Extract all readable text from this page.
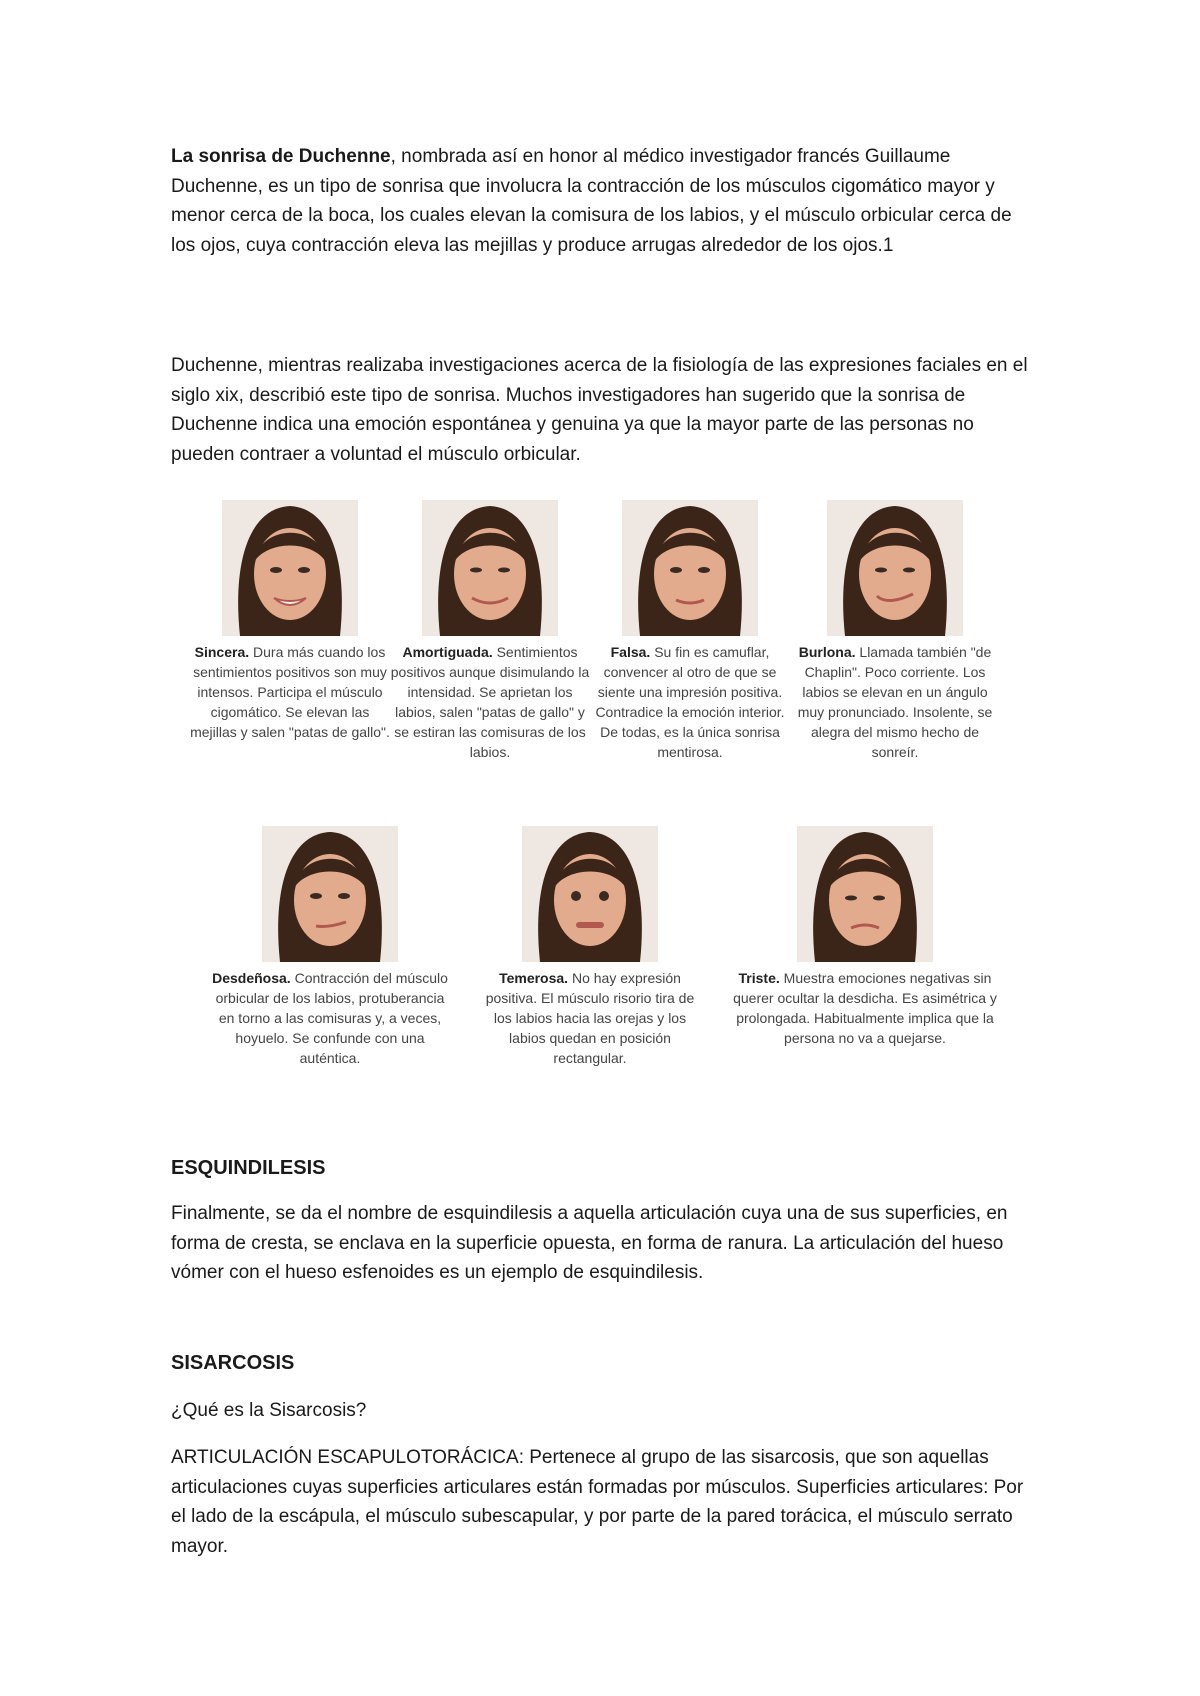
La sonrisa de Duchenne, nombrada así en honor al médico investigador francés Guillaume Duchenne, es un tipo de sonrisa que involucra la contracción de los músculos cigomático mayor y menor cerca de la boca, los cuales elevan la comisura de los labios, y el músculo orbicular cerca de los ojos, cuya contracción eleva las mejillas y produce arrugas alrededor de los ojos.1

Duchenne, mientras realizaba investigaciones acerca de la fisiología de las expresiones faciales en el siglo xix, describió este tipo de sonrisa. Muchos investigadores han sugerido que la sonrisa de Duchenne indica una emoción espontánea y genuina ya que la mayor parte de las personas no pueden contraer a voluntad el músculo orbicular.

Sincera. Dura más cuando los sentimientos positivos son muy intensos. Participa el músculo cigomático. Se elevan las mejillas y salen "patas de gallo".
Amortiguada. Sentimientos positivos aunque disimulando la intensidad. Se aprietan los labios, salen "patas de gallo" y se estiran las comisuras de los labios.
Falsa. Su fin es camuflar, convencer al otro de que se siente una impresión positiva. Contradice la emoción interior. De todas, es la única sonrisa mentirosa.
Burlona. Llamada también "de Chaplin". Poco corriente. Los labios se elevan en un ángulo muy pronunciado. Insolente, se alegra del mismo hecho de sonreír.
Desdeñosa. Contracción del músculo orbicular de los labios, protuberancia en torno a las comisuras y, a veces, hoyuelo. Se confunde con una auténtica.
Temerosa. No hay expresión positiva. El músculo risorio tira de los labios hacia las orejas y los labios quedan en posición rectangular.
Triste. Muestra emociones negativas sin querer ocultar la desdicha. Es asimétrica y prolongada. Habitualmente implica que la persona no va a quejarse.

ESQUINDILESIS

Finalmente, se da el nombre de esquindilesis a aquella articulación cuya una de sus superficies, en forma de cresta, se enclava en la superficie opuesta, en forma de ranura. La articulación del hueso vómer con el hueso esfenoides es un ejemplo de esquindilesis.

SISARCOSIS

¿Qué es la Sisarcosis?

ARTICULACIÓN ESCAPULOTORÁCICA: Pertenece al grupo de las sisarcosis, que son aquellas articulaciones cuyas superficies articulares están formadas por músculos. Superficies articulares: Por el lado de la escápula, el músculo subescapular, y por parte de la pared torácica, el músculo serrato mayor.
